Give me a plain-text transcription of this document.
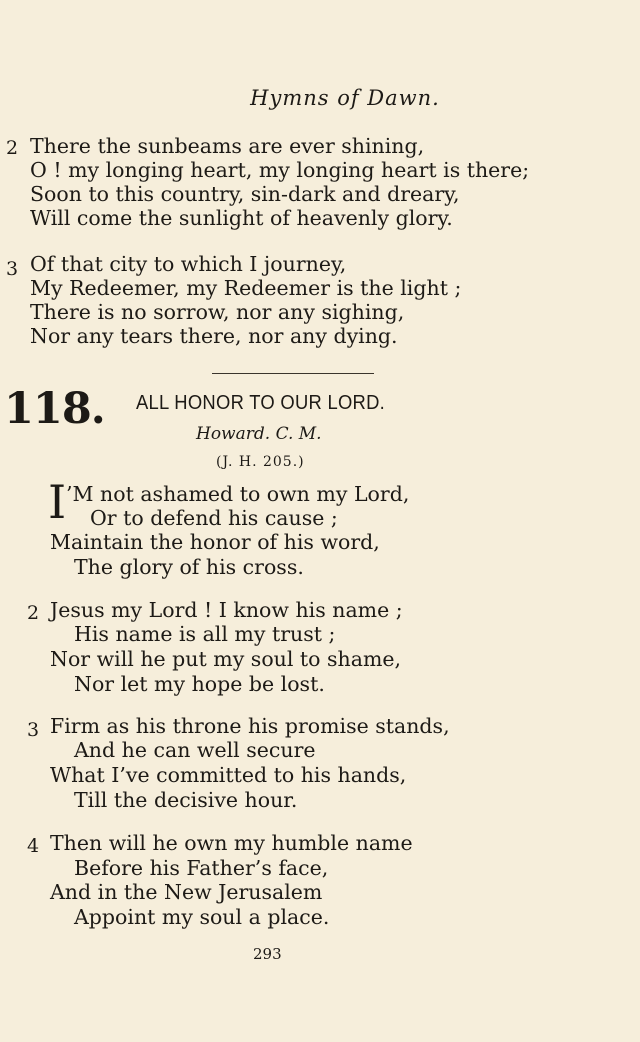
Hymns of Dawn.
2 There the sunbeams are ever shining,
O ! my longing heart, my longing heart is there;
Soon to this country, sin-dark and dreary,
Will come the sunlight of heavenly glory.
3 Of that city to which I journey,
My Redeemer, my Redeemer is the light ;
There is no sorrow, nor any sighing,
Nor any tears there, nor any dying.
118. ALL HONOR TO OUR LORD.
Howard. C. M.
(J. H. 205.)
I ’M not ashamed to own my Lord,
Or to defend his cause ;
Maintain the honor of his word,
The glory of his cross.
2 Jesus my Lord ! I know his name ;
His name is all my trust ;
Nor will he put my soul to shame,
Nor let my hope be lost.
3 Firm as his throne his promise stands,
And he can well secure
What I’ve committed to his hands,
Till the decisive hour.
4 Then will he own my humble name
Before his Father’s face,
And in the New Jerusalem
Appoint my soul a place.
293
